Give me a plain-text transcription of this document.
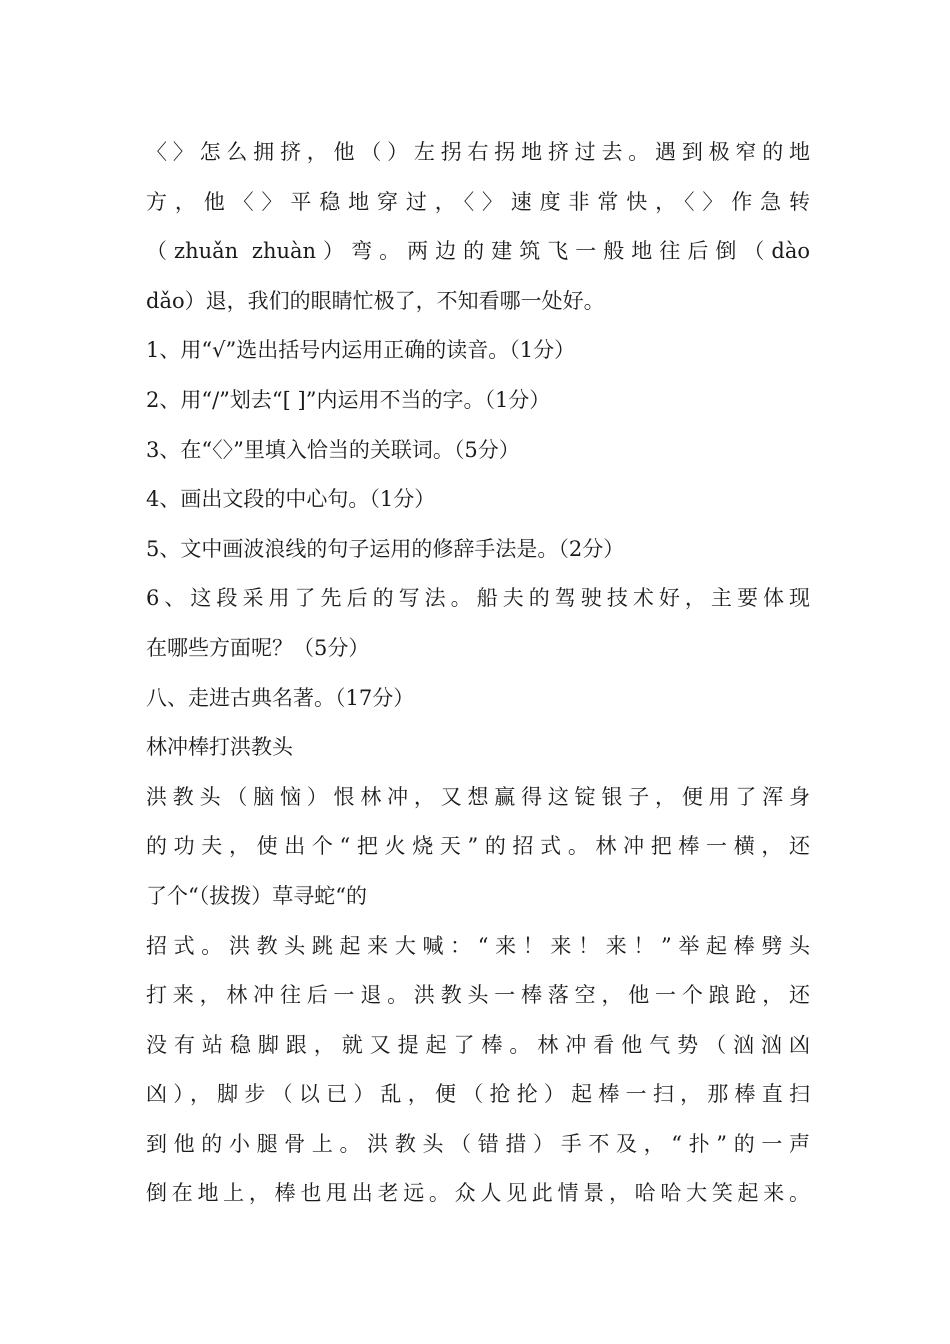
〈〉怎么拥挤，他（）左拐右拐地挤过去。遇到极窄的地
方，他〈〉平稳地穿过，〈〉速度非常快，〈〉作急转
（zhuǎn zhuàn）弯。两边的建筑飞一般地往后倒（dào
dǎo）退，我们的眼睛忙极了，不知看哪一处好。
1、用“√”选出括号内运用正确的读音。（1分）
2、用“/”划去“[ ]”内运用不当的字。（1分）
3、在“〈〉”里填入恰当的关联词。（5分）
4、画出文段的中心句。（1分）
5、文中画波浪线的句子运用的修辞手法是。（2分）
6、这段采用了先后的写法。船夫的驾驶技术好，主要体现
在哪些方面呢？（5分）
八、走进古典名著。（17分）
林冲棒打洪教头
洪教头（脑恼）恨林冲，又想赢得这锭银子，便用了浑身
的功夫，使出个“把火烧天”的招式。林冲把棒一横，还
了个“（拔拨）草寻蛇“的
招式。洪教头跳起来大喊：“来！来！来！”举起棒劈头
打来，林冲往后一退。洪教头一棒落空，他一个踉跄，还
没有站稳脚跟，就又提起了棒。林冲看他气势（汹汹凶
凶），脚步（以已）乱，便（抢抡）起棒一扫，那棒直扫
到他的小腿骨上。洪教头（错措）手不及，“扑”的一声
倒在地上，棒也甩出老远。众人见此情景，哈哈大笑起来。
